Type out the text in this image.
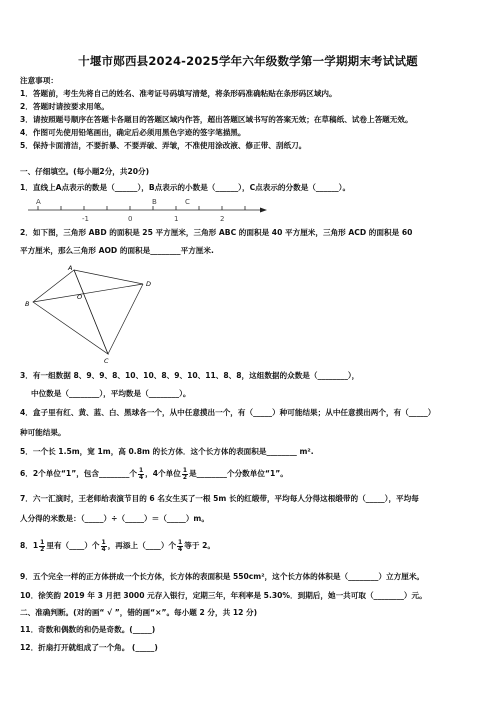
十堰市郧西县2024-2025学年六年级数学第一学期期末考试试题
注意事项：
1．答题前，考生先将自己的姓名、准考证号码填写清楚，将条形码准确粘贴在条形码区域内。
2．答题时请按要求用笔。
3．请按照题号顺序在答题卡各题目的答题区域内作答，超出答题区域书写的答案无效；在草稿纸、试卷上答题无效。
4．作图可先使用铅笔画出，确定后必须用黑色字迹的签字笔描黑。
5．保持卡面清洁，不要折暴、不要弄破、弄皱，不准使用涂改液、修正带、刮纸刀。
一、仔细填空。(每小题2分，共20分)
1．直线上A点表示的数是（______），B点表示的小数是（______），C点表示的分数是（______）。
A	B	C
-1	0	1	2
2．如下图，三角形 ABD 的面积是 25 平方厘米，三角形 ABC 的面积是 40 平方厘米，三角形 ACD 的面积是 60
平方厘米，那么三角形 AOD 的面积是________平方厘米.
A
B
O
D
C
3．有一组数据 8、9、9、8、10、10、8、9、10、11、8、8，这组数据的众数是（________），
中位数是（________），平均数是（________）。
4．盒子里有红、黄、蓝、白、黑球各一个，从中任意摸出一个，有（_____）种可能结果；从中任意摸出两个，有（_____）
种可能结果。
5．一个长 1.5m，宽 1m，高 0.8m 的长方体．这个长方体的表面积是________ m².
6．2个单位“1”，包含________个 $\frac{1}{4}$ ，4个单位 $\frac{1}{2}$ 是________个分数单位“1”。
7．六一汇演时，王老师给表演节目的 6 名女生买了一根 5m 长的红缎带，平均每人分得这根缎带的（_____），平均每
人分得的米数是：（_____）÷（_____）＝（_____）m。
8．$1 \frac{1}{2}$ 里有（____）个 $\frac{1}{4}$ ，再添上（____）个 $\frac{1}{4}$ 等于 2。
9．五个完全一样的正方体拼成一个长方体，长方体的表面积是 550cm²，这个长方体的体积是（________）立方厘米。
10．徐笑韵 2019 年 3 月把 3000 元存入银行，定期三年，年利率是 5.30%．到期后，她一共可取（________）元。
二、准确判断。(对的画“ √ ”，错的画“×”。每小题 2 分，共 12 分)
11．奇数和偶数的和仍是奇数。(_____)
12．折扇打开就组成了一个角。 (_____)
